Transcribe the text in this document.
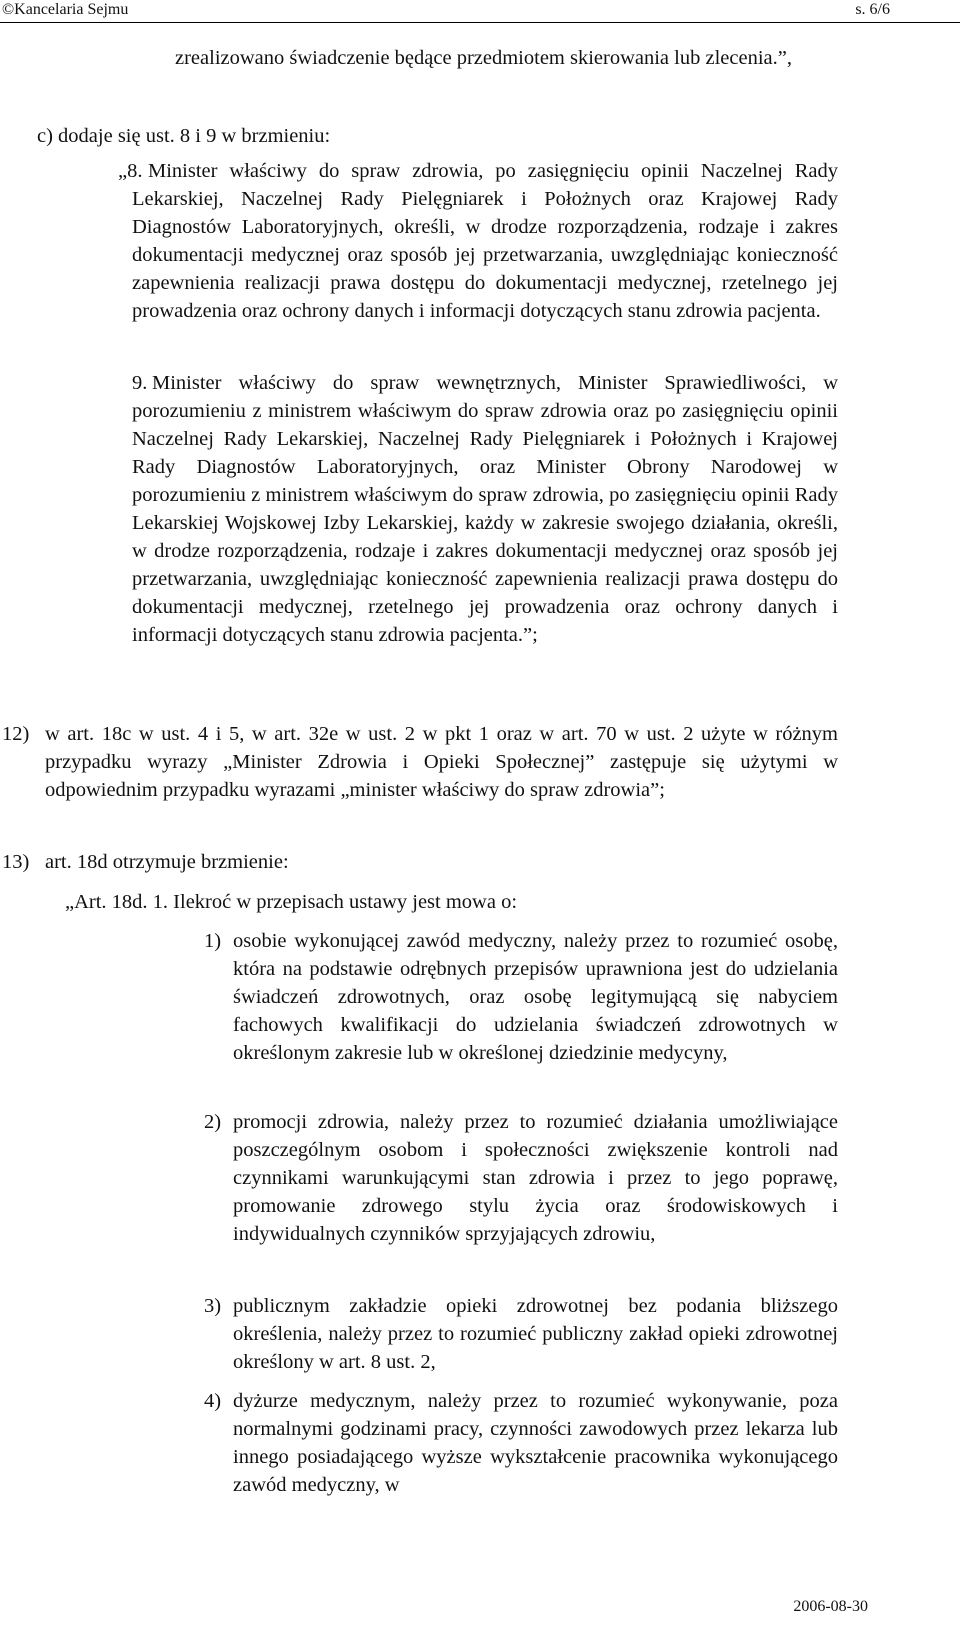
©Kancelaria Sejmu	s. 6/6

zrealizowano świadczenie będące przedmiotem skierowania lub zlecenia.”,

c) dodaje się ust. 8 i 9 w brzmieniu:

„8. Minister właściwy do spraw zdrowia, po zasięgnięciu opinii Naczelnej Rady Lekarskiej, Naczelnej Rady Pielęgniarek i Położnych oraz Krajowej Rady Diagnostów Laboratoryjnych, określi, w drodze rozporządzenia, rodzaje i zakres dokumentacji medycznej oraz sposób jej przetwarzania, uwzględniając konieczność zapewnienia realizacji prawa dostępu do dokumentacji medycznej, rzetelnego jej prowadzenia oraz ochrony danych i informacji dotyczących stanu zdrowia pacjenta.

9. Minister właściwy do spraw wewnętrznych, Minister Sprawiedliwości, w porozumieniu z ministrem właściwym do spraw zdrowia oraz po zasięgnięciu opinii Naczelnej Rady Lekarskiej, Naczelnej Rady Pielęgniarek i Położnych i Krajowej Rady Diagnostów Laboratoryjnych, oraz Minister Obrony Narodowej w porozumieniu z ministrem właściwym do spraw zdrowia, po zasięgnięciu opinii Rady Lekarskiej Wojskowej Izby Lekarskiej, każdy w zakresie swojego działania, określi, w drodze rozporządzenia, rodzaje i zakres dokumentacji medycznej oraz sposób jej przetwarzania, uwzględniając konieczność zapewnienia realizacji prawa dostępu do dokumentacji medycznej, rzetelnego jej prowadzenia oraz ochrony danych i informacji dotyczących stanu zdrowia pacjenta.”;

12) w art. 18c w ust. 4 i 5, w art. 32e w ust. 2 w pkt 1 oraz w art. 70 w ust. 2 użyte w różnym przypadku wyrazy „Minister Zdrowia i Opieki Społecznej” zastępuje się użytymi w odpowiednim przypadku wyrazami „minister właściwy do spraw zdrowia”;

13) art. 18d otrzymuje brzmienie:

„Art. 18d. 1. Ilekroć w przepisach ustawy jest mowa o:

1) osobie wykonującej zawód medyczny, należy przez to rozumieć osobę, która na podstawie odrębnych przepisów uprawniona jest do udzielania świadczeń zdrowotnych, oraz osobę legitymującą się nabyciem fachowych kwalifikacji do udzielania świadczeń zdrowotnych w określonym zakresie lub w określonej dziedzinie medycyny,

2) promocji zdrowia, należy przez to rozumieć działania umożliwiające poszczególnym osobom i społeczności zwiększenie kontroli nad czynnikami warunkującymi stan zdrowia i przez to jego poprawę, promowanie zdrowego stylu życia oraz środowiskowych i indywidualnych czynników sprzyjających zdrowiu,

3) publicznym zakładzie opieki zdrowotnej bez podania bliższego określenia, należy przez to rozumieć publiczny zakład opieki zdrowotnej określony w art. 8 ust. 2,

4) dyżurze medycznym, należy przez to rozumieć wykonywanie, poza normalnymi godzinami pracy, czynności zawodowych przez lekarza lub innego posiadającego wyższe wykształcenie pracownika wykonującego zawód medyczny, w

2006-08-30
